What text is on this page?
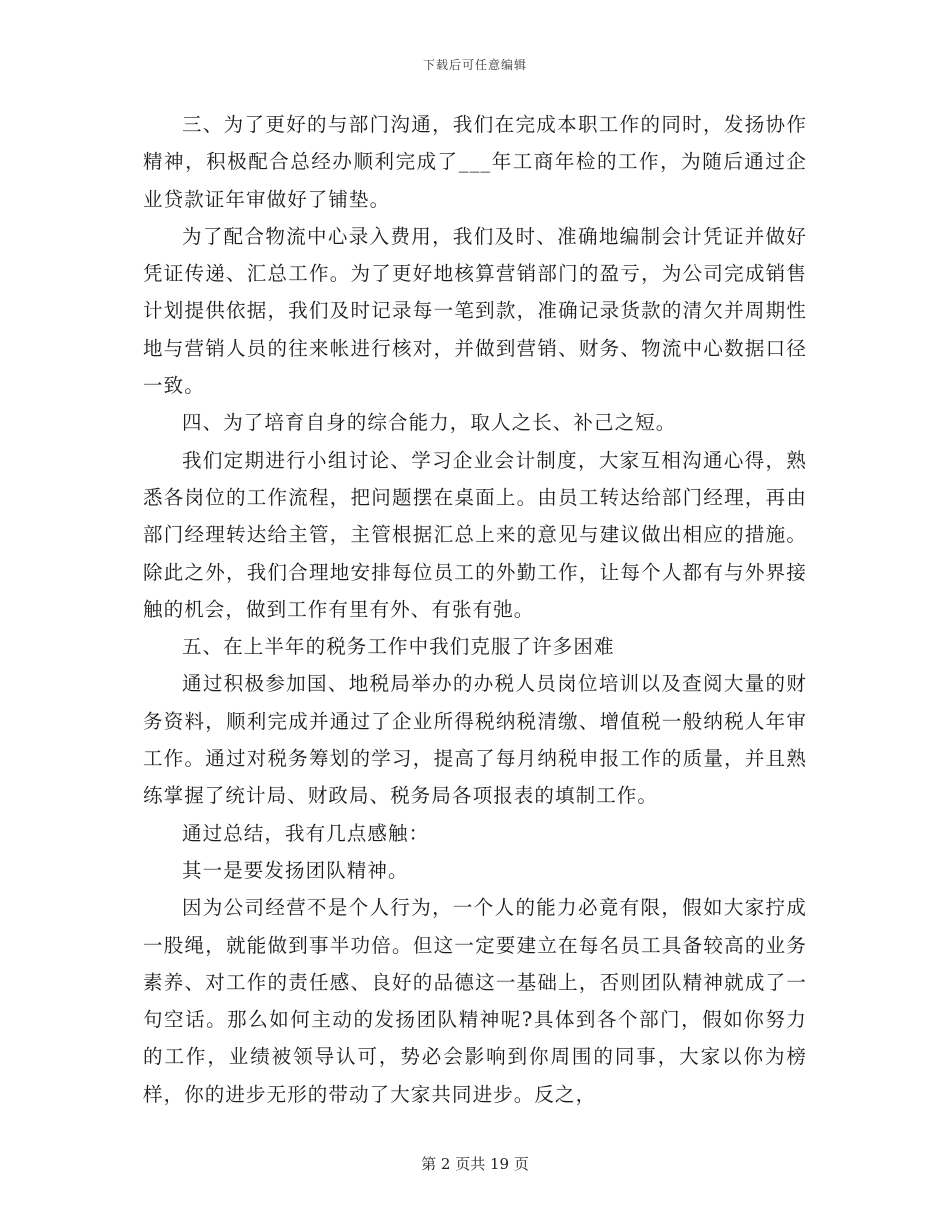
下载后可任意编辑

三、为了更好的与部门沟通，我们在完成本职工作的同时，发扬协作精神，积极配合总经办顺利完成了___年工商年检的工作，为随后通过企业贷款证年审做好了铺垫。

为了配合物流中心录入费用，我们及时、准确地编制会计凭证并做好凭证传递、汇总工作。为了更好地核算营销部门的盈亏，为公司完成销售计划提供依据，我们及时记录每一笔到款，准确记录货款的清欠并周期性地与营销人员的往来帐进行核对，并做到营销、财务、物流中心数据口径一致。

四、为了培育自身的综合能力，取人之长、补己之短。

我们定期进行小组讨论、学习企业会计制度，大家互相沟通心得，熟悉各岗位的工作流程，把问题摆在桌面上。由员工转达给部门经理，再由部门经理转达给主管，主管根据汇总上来的意见与建议做出相应的措施。除此之外，我们合理地安排每位员工的外勤工作，让每个人都有与外界接触的机会，做到工作有里有外、有张有弛。

五、在上半年的税务工作中我们克服了许多困难

通过积极参加国、地税局举办的办税人员岗位培训以及查阅大量的财务资料，顺利完成并通过了企业所得税纳税清缴、增值税一般纳税人年审工作。通过对税务筹划的学习，提高了每月纳税申报工作的质量，并且熟练掌握了统计局、财政局、税务局各项报表的填制工作。

通过总结，我有几点感触：

其一是要发扬团队精神。

因为公司经营不是个人行为，一个人的能力必竟有限，假如大家拧成一股绳，就能做到事半功倍。但这一定要建立在每名员工具备较高的业务素养、对工作的责任感、良好的品德这一基础上，否则团队精神就成了一句空话。那么如何主动的发扬团队精神呢?具体到各个部门，假如你努力的工作，业绩被领导认可，势必会影响到你周围的同事，大家以你为榜样，你的进步无形的带动了大家共同进步。反之，

第 2 页共 19 页
